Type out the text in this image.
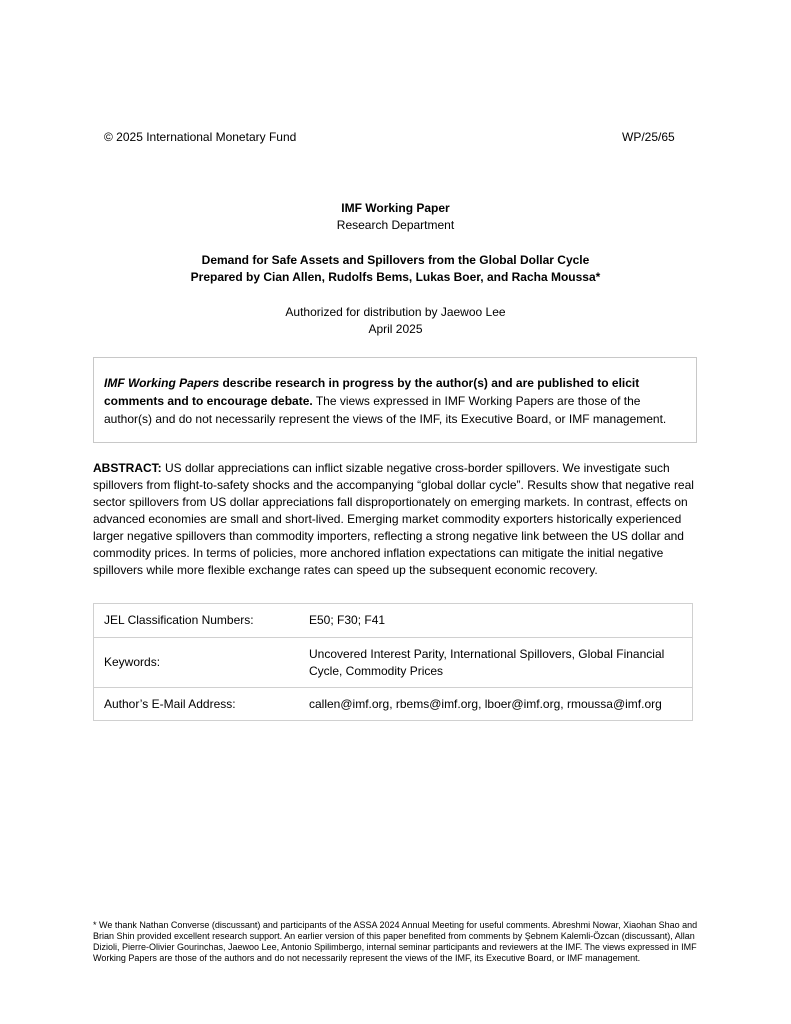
© 2025 International Monetary Fund	WP/25/65
IMF Working Paper
Research Department
Demand for Safe Assets and Spillovers from the Global Dollar Cycle
Prepared by Cian Allen, Rudolfs Bems, Lukas Boer, and Racha Moussa*
Authorized for distribution by Jaewoo Lee
April 2025
IMF Working Papers describe research in progress by the author(s) and are published to elicit comments and to encourage debate. The views expressed in IMF Working Papers are those of the author(s) and do not necessarily represent the views of the IMF, its Executive Board, or IMF management.
ABSTRACT: US dollar appreciations can inflict sizable negative cross-border spillovers. We investigate such spillovers from flight-to-safety shocks and the accompanying “global dollar cycle”. Results show that negative real sector spillovers from US dollar appreciations fall disproportionately on emerging markets. In contrast, effects on advanced economies are small and short-lived. Emerging market commodity exporters historically experienced larger negative spillovers than commodity importers, reflecting a strong negative link between the US dollar and commodity prices. In terms of policies, more anchored inflation expectations can mitigate the initial negative spillovers while more flexible exchange rates can speed up the subsequent economic recovery.
JEL Classification Numbers:	E50; F30; F41
Keywords:	Uncovered Interest Parity, International Spillovers, Global Financial Cycle, Commodity Prices
Author’s E-Mail Address:	callen@imf.org, rbems@imf.org, lboer@imf.org, rmoussa@imf.org
* We thank Nathan Converse (discussant) and participants of the ASSA 2024 Annual Meeting for useful comments. Abreshmi Nowar, Xiaohan Shao and Brian Shin provided excellent research support. An earlier version of this paper benefited from comments by Şebnem Kalemli-Özcan (discussant), Allan Dizioli, Pierre-Olivier Gourinchas, Jaewoo Lee, Antonio Spilimbergo, internal seminar participants and reviewers at the IMF. The views expressed in IMF Working Papers are those of the authors and do not necessarily represent the views of the IMF, its Executive Board, or IMF management.
